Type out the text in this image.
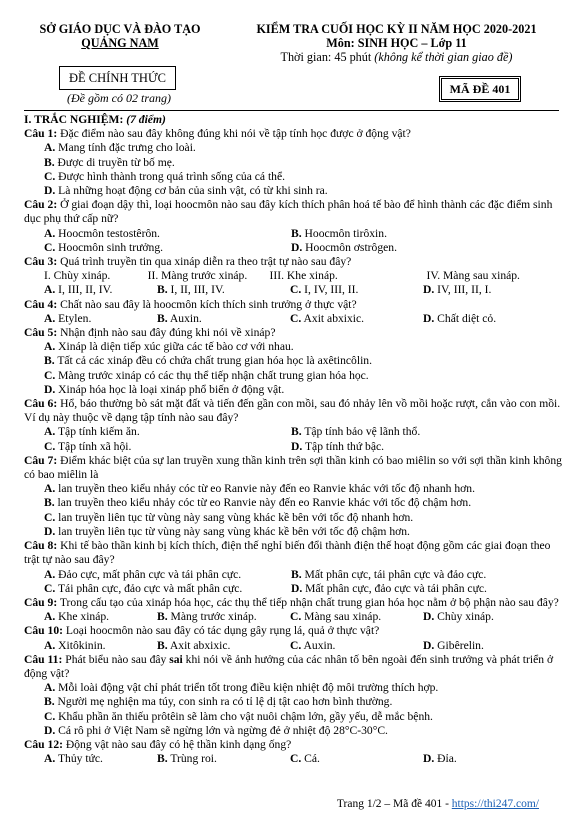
SỞ GIÁO DỤC VÀ ĐÀO TẠO
QUẢNG NAM
ĐỀ CHÍNH THỨC
(Đề gồm có 02 trang)
KIỂM TRA CUỐI HỌC KỲ II NĂM HỌC 2020-2021
Môn: SINH HỌC – Lớp 11
Thời gian: 45 phút (không kể thời gian giao đề)
MÃ ĐỀ 401
I. TRẮC NGHIỆM: (7 điểm)
Câu 1: Đặc điểm nào sau đây không đúng khi nói về tập tính học được ở động vật?
A. Mang tính đặc trưng cho loài.
B. Được di truyền từ bố mẹ.
C. Được hình thành trong quá trình sống của cá thể.
D. Là những hoạt động cơ bản của sinh vật, có từ khi sinh ra.
Câu 2: Ở giai đoạn dậy thì, loại hoocmôn nào sau đây kích thích phân hoá tế bào để hình thành các đặc điểm sinh dục phụ thứ cấp nữ?
A. Hoocmôn testostêrôn.	B. Hoocmôn tirôxin.
C. Hoocmôn sinh trưởng.	D. Hoocmôn ơstrôgen.
Câu 3: Quá trình truyền tin qua xináp diễn ra theo trật tự nào sau đây?
I. Chùy xináp.	II. Màng trước xináp.	III. Khe xináp.	IV. Màng sau xináp.
A. I, III, II, IV.	B. I, II, III, IV.	C. I, IV, III, II.	D. IV, III, II, I.
Câu 4: Chất nào sau đây là hoocmôn kích thích sinh trưởng ở thực vật?
A. Etylen.	B. Auxin.	C. Axit abxixic.	D. Chất diệt cỏ.
Câu 5: Nhận định nào sau đây đúng khi nói về xináp?
A. Xináp là diện tiếp xúc giữa các tế bào cơ với nhau.
B. Tất cả các xináp đều có chứa chất trung gian hóa học là axêtincôlin.
C. Màng trước xináp có các thụ thể tiếp nhận chất trung gian hóa học.
D. Xináp hóa học là loại xináp phổ biến ở động vật.
Câu 6: Hổ, báo thường bò sát mặt đất và tiến đến gần con mồi, sau đó nhảy lên vồ mồi hoặc rượt, cắn vào con mồi. Ví dụ này thuộc về dạng tập tính nào sau đây?
A. Tập tính kiếm ăn.	B. Tập tính bảo vệ lãnh thổ.
C. Tập tính xã hội.	D. Tập tính thứ bậc.
Câu 7: Điểm khác biệt của sự lan truyền xung thần kinh trên sợi thần kinh có bao miêlin so với sợi thần kinh không có bao miêlin là
A. lan truyền theo kiểu nhảy cóc từ eo Ranvie này đến eo Ranvie khác với tốc độ nhanh hơn.
B. lan truyền theo kiểu nhảy cóc từ eo Ranvie này đến eo Ranvie khác với tốc độ chậm hơn.
C. lan truyền liên tục từ vùng này sang vùng khác kề bên với tốc độ nhanh hơn.
D. lan truyền liên tục từ vùng này sang vùng khác kề bên với tốc độ chậm hơn.
Câu 8: Khi tế bào thần kinh bị kích thích, điện thế nghỉ biến đổi thành điện thế hoạt động gồm các giai đoạn theo trật tự nào sau đây?
A. Đảo cực, mất phân cực và tái phân cực.	B. Mất phân cực, tái phân cực và đảo cực.
C. Tái phân cực, đảo cực và mất phân cực.	D. Mất phân cực, đảo cực và tái phân cực.
Câu 9: Trong cấu tạo của xináp hóa học, các thụ thể tiếp nhận chất trung gian hóa học nằm ở bộ phận nào sau đây?
A. Khe xináp.	B. Màng trước xináp.	C. Màng sau xináp.	D. Chùy xináp.
Câu 10: Loại hoocmôn nào sau đây có tác dụng gây rụng lá, quả ở thực vật?
A. Xitôkinin.	B. Axit abxixic.	C. Auxin.	D. Gibêrelin.
Câu 11: Phát biểu nào sau đây sai khi nói về ảnh hưởng của các nhân tố bên ngoài đến sinh trưởng và phát triển ở động vật?
A. Mỗi loài động vật chỉ phát triển tốt trong điều kiện nhiệt độ môi trường thích hợp.
B. Người mẹ nghiện ma túy, con sinh ra có tỉ lệ dị tật cao hơn bình thường.
C. Khẩu phần ăn thiếu prôtêin sẽ làm cho vật nuôi chậm lớn, gầy yếu, dễ mắc bệnh.
D. Cá rô phi ở Việt Nam sẽ ngừng lớn và ngừng đẻ ở nhiệt độ 28°C-30°C.
Câu 12: Động vật nào sau đây có hệ thần kinh dạng ống?
A. Thủy tức.	B. Trùng roi.	C. Cá.	D. Đỉa.
Trang 1/2 – Mã đề 401 - https://thi247.com/
